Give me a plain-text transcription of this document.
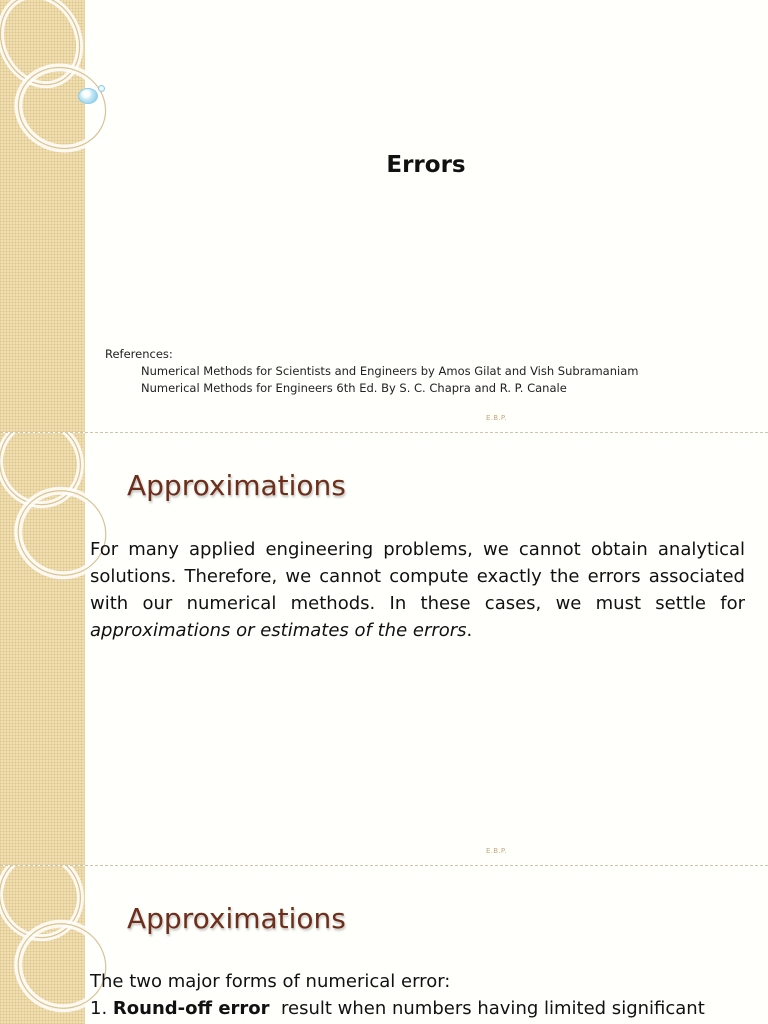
Errors
References:
Numerical Methods for Scientists and Engineers by Amos Gilat and Vish Subramaniam
Numerical Methods for Engineers 6th Ed. By S. C. Chapra and R. P. Canale
E.B.P.
Approximations
For many applied engineering problems, we cannot obtain analytical solutions. Therefore, we cannot compute exactly the errors associated with our numerical methods. In these cases, we must settle for approximations or estimates of the errors.
E.B.P.
Approximations
The two major forms of numerical error:
1. Round-off error result when numbers having limited significant
